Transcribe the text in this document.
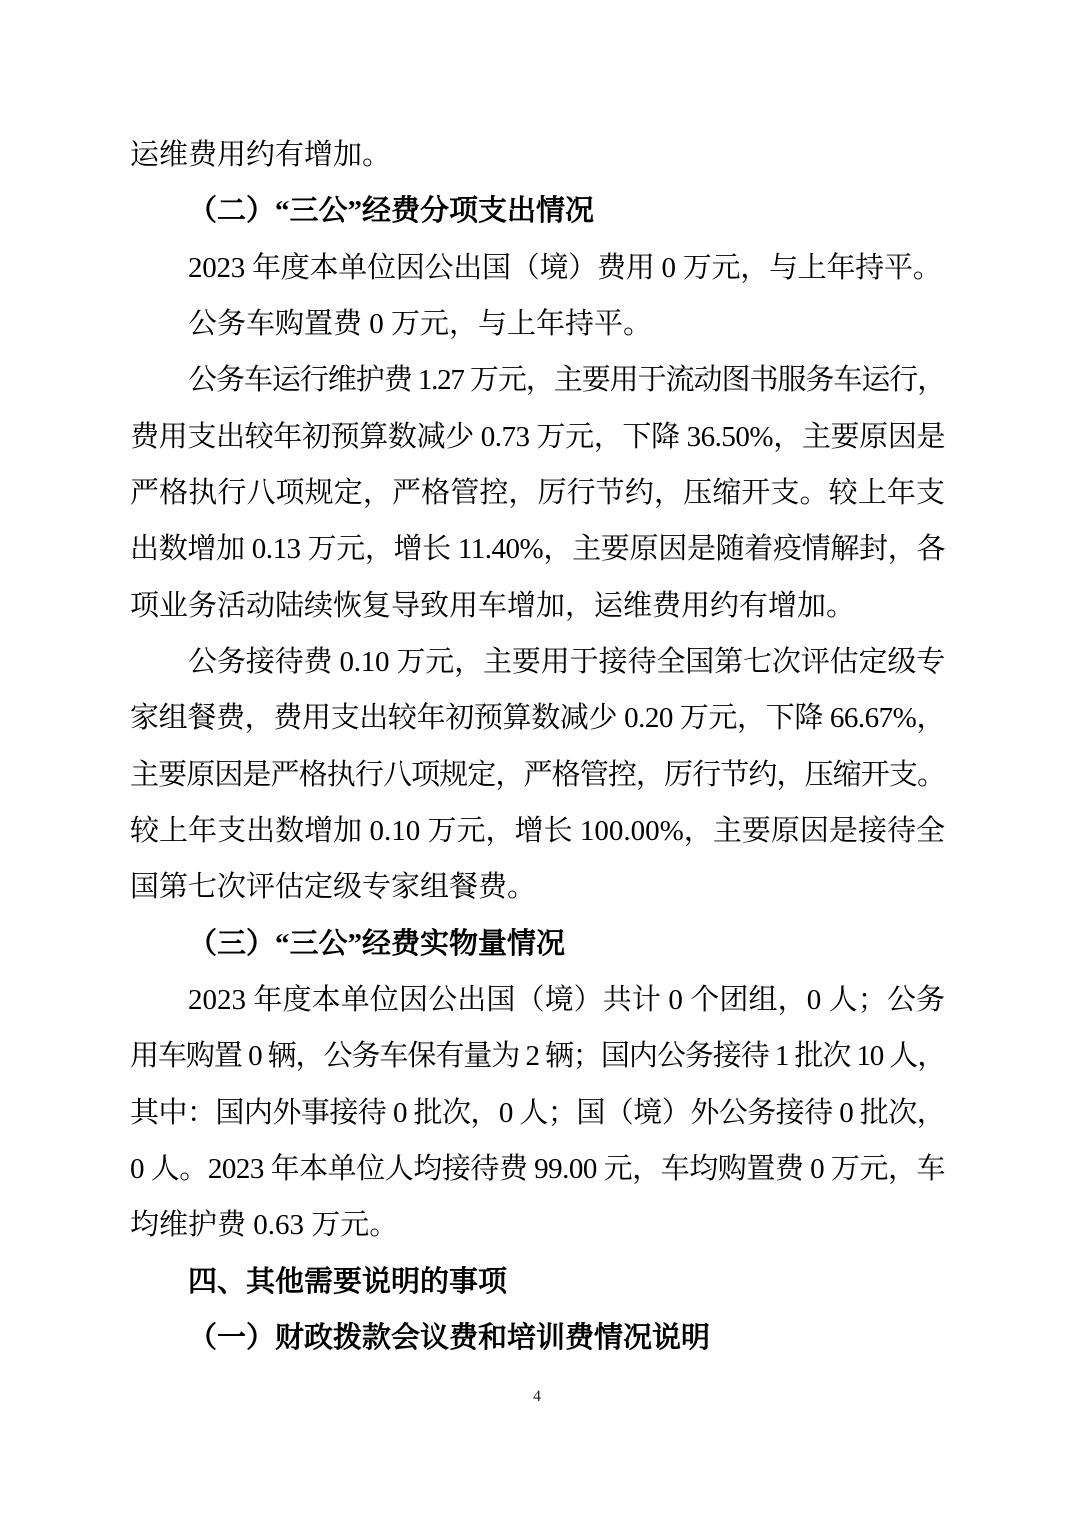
运维费用约有增加。
（二）“三公”经费分项支出情况
2023 年度本单位因公出国（境）费用 0 万元，与上年持平。
公务车购置费 0 万元，与上年持平。
公务车运行维护费 1.27 万元，主要用于流动图书服务车运行，
费用支出较年初预算数减少 0.73 万元，下降 36.50%，主要原因是
严格执行八项规定，严格管控，厉行节约，压缩开支。较上年支
出数增加 0.13 万元，增长 11.40%，主要原因是随着疫情解封，各
项业务活动陆续恢复导致用车增加，运维费用约有增加。
公务接待费 0.10 万元，主要用于接待全国第七次评估定级专
家组餐费，费用支出较年初预算数减少 0.20 万元，下降 66.67%，
主要原因是严格执行八项规定，严格管控，厉行节约，压缩开支。
较上年支出数增加 0.10 万元，增长 100.00%，主要原因是接待全
国第七次评估定级专家组餐费。
（三）“三公”经费实物量情况
2023 年度本单位因公出国（境）共计 0 个团组，0 人；公务
用车购置 0 辆，公务车保有量为 2 辆；国内公务接待 1 批次 10 人，
其中：国内外事接待 0 批次，0 人；国（境）外公务接待 0 批次，
0 人。2023 年本单位人均接待费 99.00 元，车均购置费 0 万元，车
均维护费 0.63 万元。
四、其他需要说明的事项
（一）财政拨款会议费和培训费情况说明
4
